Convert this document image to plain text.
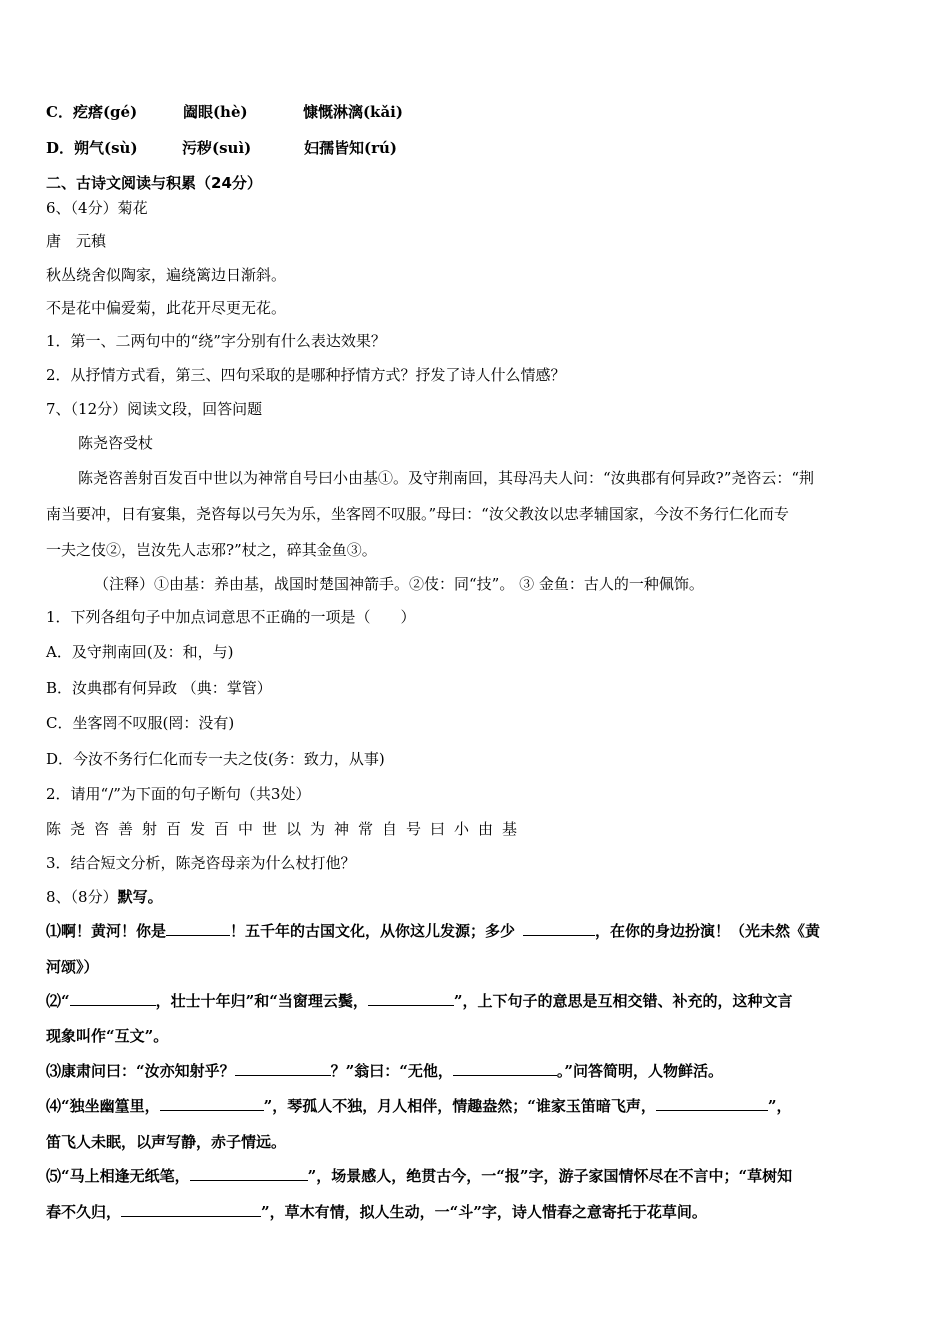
C．疙瘩(gé)	阖眼(hè)	慷慨淋漓(kǎi)
D．朔气(sù)	污秽(suì)	妇孺皆知(rú)
二、古诗文阅读与积累（24分）
6、（4分）菊花
唐　元稹
秋丛绕舍似陶家，遍绕篱边日渐斜。
不是花中偏爱菊，此花开尽更无花。
1．第一、二两句中的“绕”字分别有什么表达效果？
2．从抒情方式看，第三、四句采取的是哪种抒情方式？抒发了诗人什么情感？
7、（12分）阅读文段，回答问题
陈尧咨受杖
陈尧咨善射百发百中世以为神常自号曰小由基①。及守荆南回，其母冯夫人问：“汝典郡有何异政?”尧咨云：“荆
南当要冲，日有宴集，尧咨每以弓矢为乐，坐客罔不叹服。”母曰：“汝父教汝以忠孝辅国家，今汝不务行仁化而专
一夫之伎②，岂汝先人志邪?”杖之，碎其金鱼③。
（注释）①由基：养由基，战国时楚国神箭手。②伎：同“技”。 ③ 金鱼：古人的一种佩饰。
1．下列各组句子中加点词意思不正确的一项是（　　）
A．及守荆南回(及：和，与)
B．汝典郡有何异政 （典：掌管）
C．坐客罔不叹服(罔：没有)
D．今汝不务行仁化而专一夫之伎(务：致力，从事)
2．请用“/”为下面的句子断句（共3处）
陈尧咨善射百发百中世以为神常自号曰小由基
3．结合短文分析，陈尧咨母亲为什么杖打他？
8、（8分）默写。
⑴啊！黄河！你是	！五千年的古国文化，从你这儿发源；多少	，在你的身边扮演！（光未然《黄
河颂》）
⑵“	，壮士十年归”和“当窗理云鬓，	”，上下句子的意思是互相交错、补充的，这种文言
现象叫作“互文”。
⑶康肃问曰：“汝亦知射乎？	？”翁曰：“无他，	。”问答简明，人物鲜活。
⑷“独坐幽篁里，	”，琴孤人不独，月人相伴，情趣盎然；“谁家玉笛暗飞声，	”，
笛飞人未眠，以声写静，赤子情远。
⑸“马上相逢无纸笔，	”，场景感人，绝贯古今，一“报”字，游子家国情怀尽在不言中；“草树知
春不久归，	”，草木有情，拟人生动，一“斗”字，诗人惜春之意寄托于花草间。
